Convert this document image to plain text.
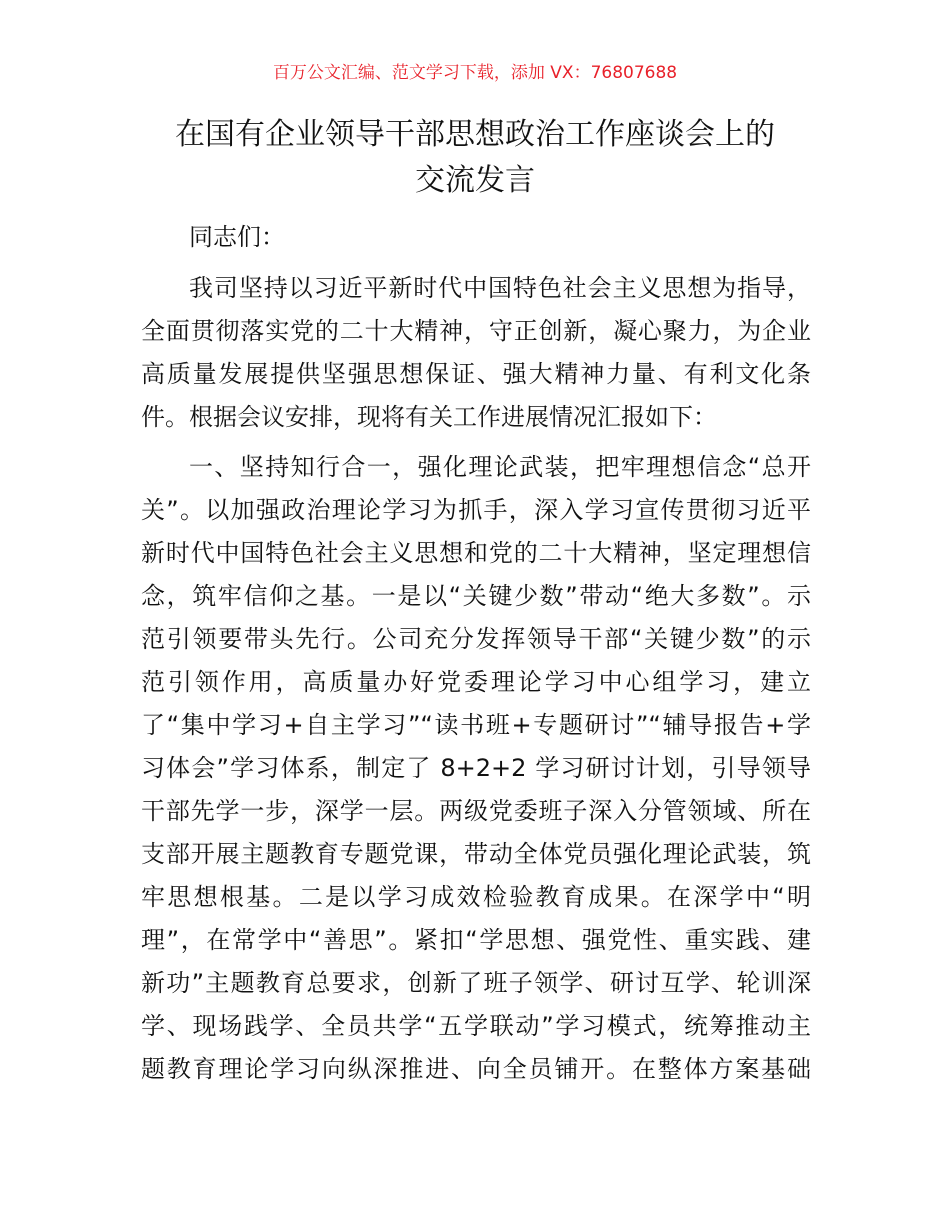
百万公文汇编、范文学习下载，添加 VX：76807688
在国有企业领导干部思想政治工作座谈会上的
交流发言
同志们：
我司坚持以习近平新时代中国特色社会主义思想为指导，
全面贯彻落实党的二十大精神，守正创新，凝心聚力，为企业
高质量发展提供坚强思想保证、强大精神力量、有利文化条
件。根据会议安排，现将有关工作进展情况汇报如下：
一、坚持知行合一，强化理论武装，把牢理想信念“总开
关”。以加强政治理论学习为抓手，深入学习宣传贯彻习近平
新时代中国特色社会主义思想和党的二十大精神，坚定理想信
念，筑牢信仰之基。一是以“关键少数”带动“绝大多数”。示
范引领要带头先行。公司充分发挥领导干部“关键少数”的示
范引领作用，高质量办好党委理论学习中心组学习，建立
了“集中学习+自主学习”“读书班+专题研讨”“辅导报告+学
习体会”学习体系，制定了 8+2+2 学习研讨计划，引导领导
干部先学一步，深学一层。两级党委班子深入分管领域、所在
支部开展主题教育专题党课，带动全体党员强化理论武装，筑
牢思想根基。二是以学习成效检验教育成果。在深学中“明
理”，在常学中“善思”。紧扣“学思想、强党性、重实践、建
新功”主题教育总要求，创新了班子领学、研讨互学、轮训深
学、现场践学、全员共学“五学联动”学习模式，统筹推动主
题教育理论学习向纵深推进、向全员铺开。在整体方案基础
